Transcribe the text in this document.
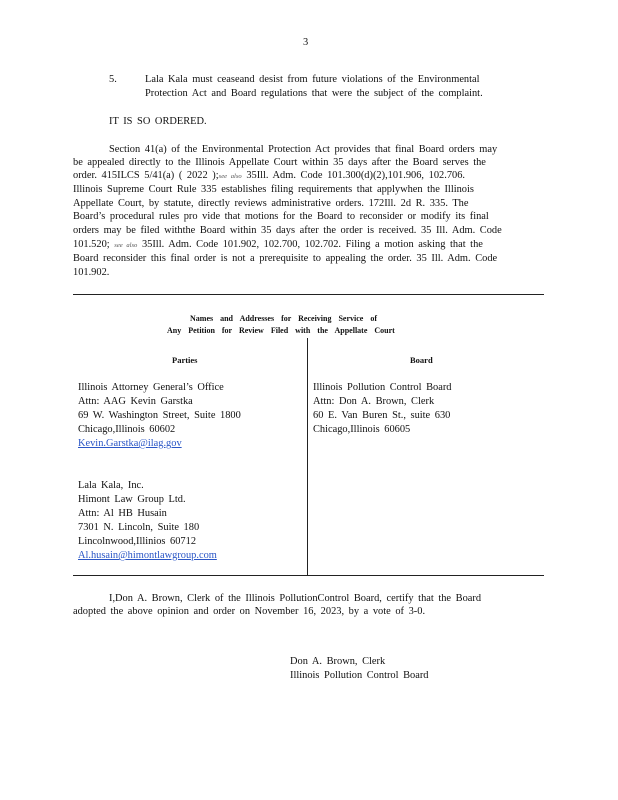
3
5.	Lala Kala must ceaseand desist from future violations of the Environmental
Protection Act and Board regulations that were the subject of the complaint.
IT IS SO ORDERED.
Section 41(a) of the Environmental Protection Act provides that final Board orders may
be appealed directly to the Illinois Appellate Court within 35 days after the Board serves the
order. 415ILCS 5/41(a) ( 2022 );see also 35Ill. Adm. Code 101.300(d)(2),101.906, 102.706.
Illinois Supreme Court Rule 335 establishes filing requirements that applywhen the Illinois
Appellate Court, by statute, directly reviews administrative orders. 172Ill. 2d R. 335. The
Board’s procedural rules pro vide that motions for the Board to reconsider or modify its final
orders may be filed withthe Board within 35 days after the order is received. 35 Ill. Adm. Code
101.520; see also 35Ill. Adm. Code 101.902, 102.700, 102.702. Filing a motion asking that the
Board reconsider this final order is not a prerequisite to appealing the order. 35 Ill. Adm. Code
101.902.
Names and Addresses for Receiving Service of
Any Petition for Review Filed with the Appellate Court
Parties	Board
Illinois Attorney General’s Office
Attn: AAG Kevin Garstka
69 W. Washington Street, Suite 1800
Chicago,Illinois 60602
Kevin.Garstka@ilag.gov
Illinois Pollution Control Board
Attn: Don A. Brown, Clerk
60 E. Van Buren St., suite 630
Chicago,Illinois 60605
Lala Kala, Inc.
Himont Law Group Ltd.
Attn: Al HB Husain
7301 N. Lincoln, Suite 180
Lincolnwood,Illinios 60712
Al.husain@himontlawgroup.com
I,Don A. Brown, Clerk of the Illinois PollutionControl Board, certify that the Board
adopted the above opinion and order on November 16, 2023, by a vote of 3-0.
Don A. Brown, Clerk
Illinois Pollution Control Board
